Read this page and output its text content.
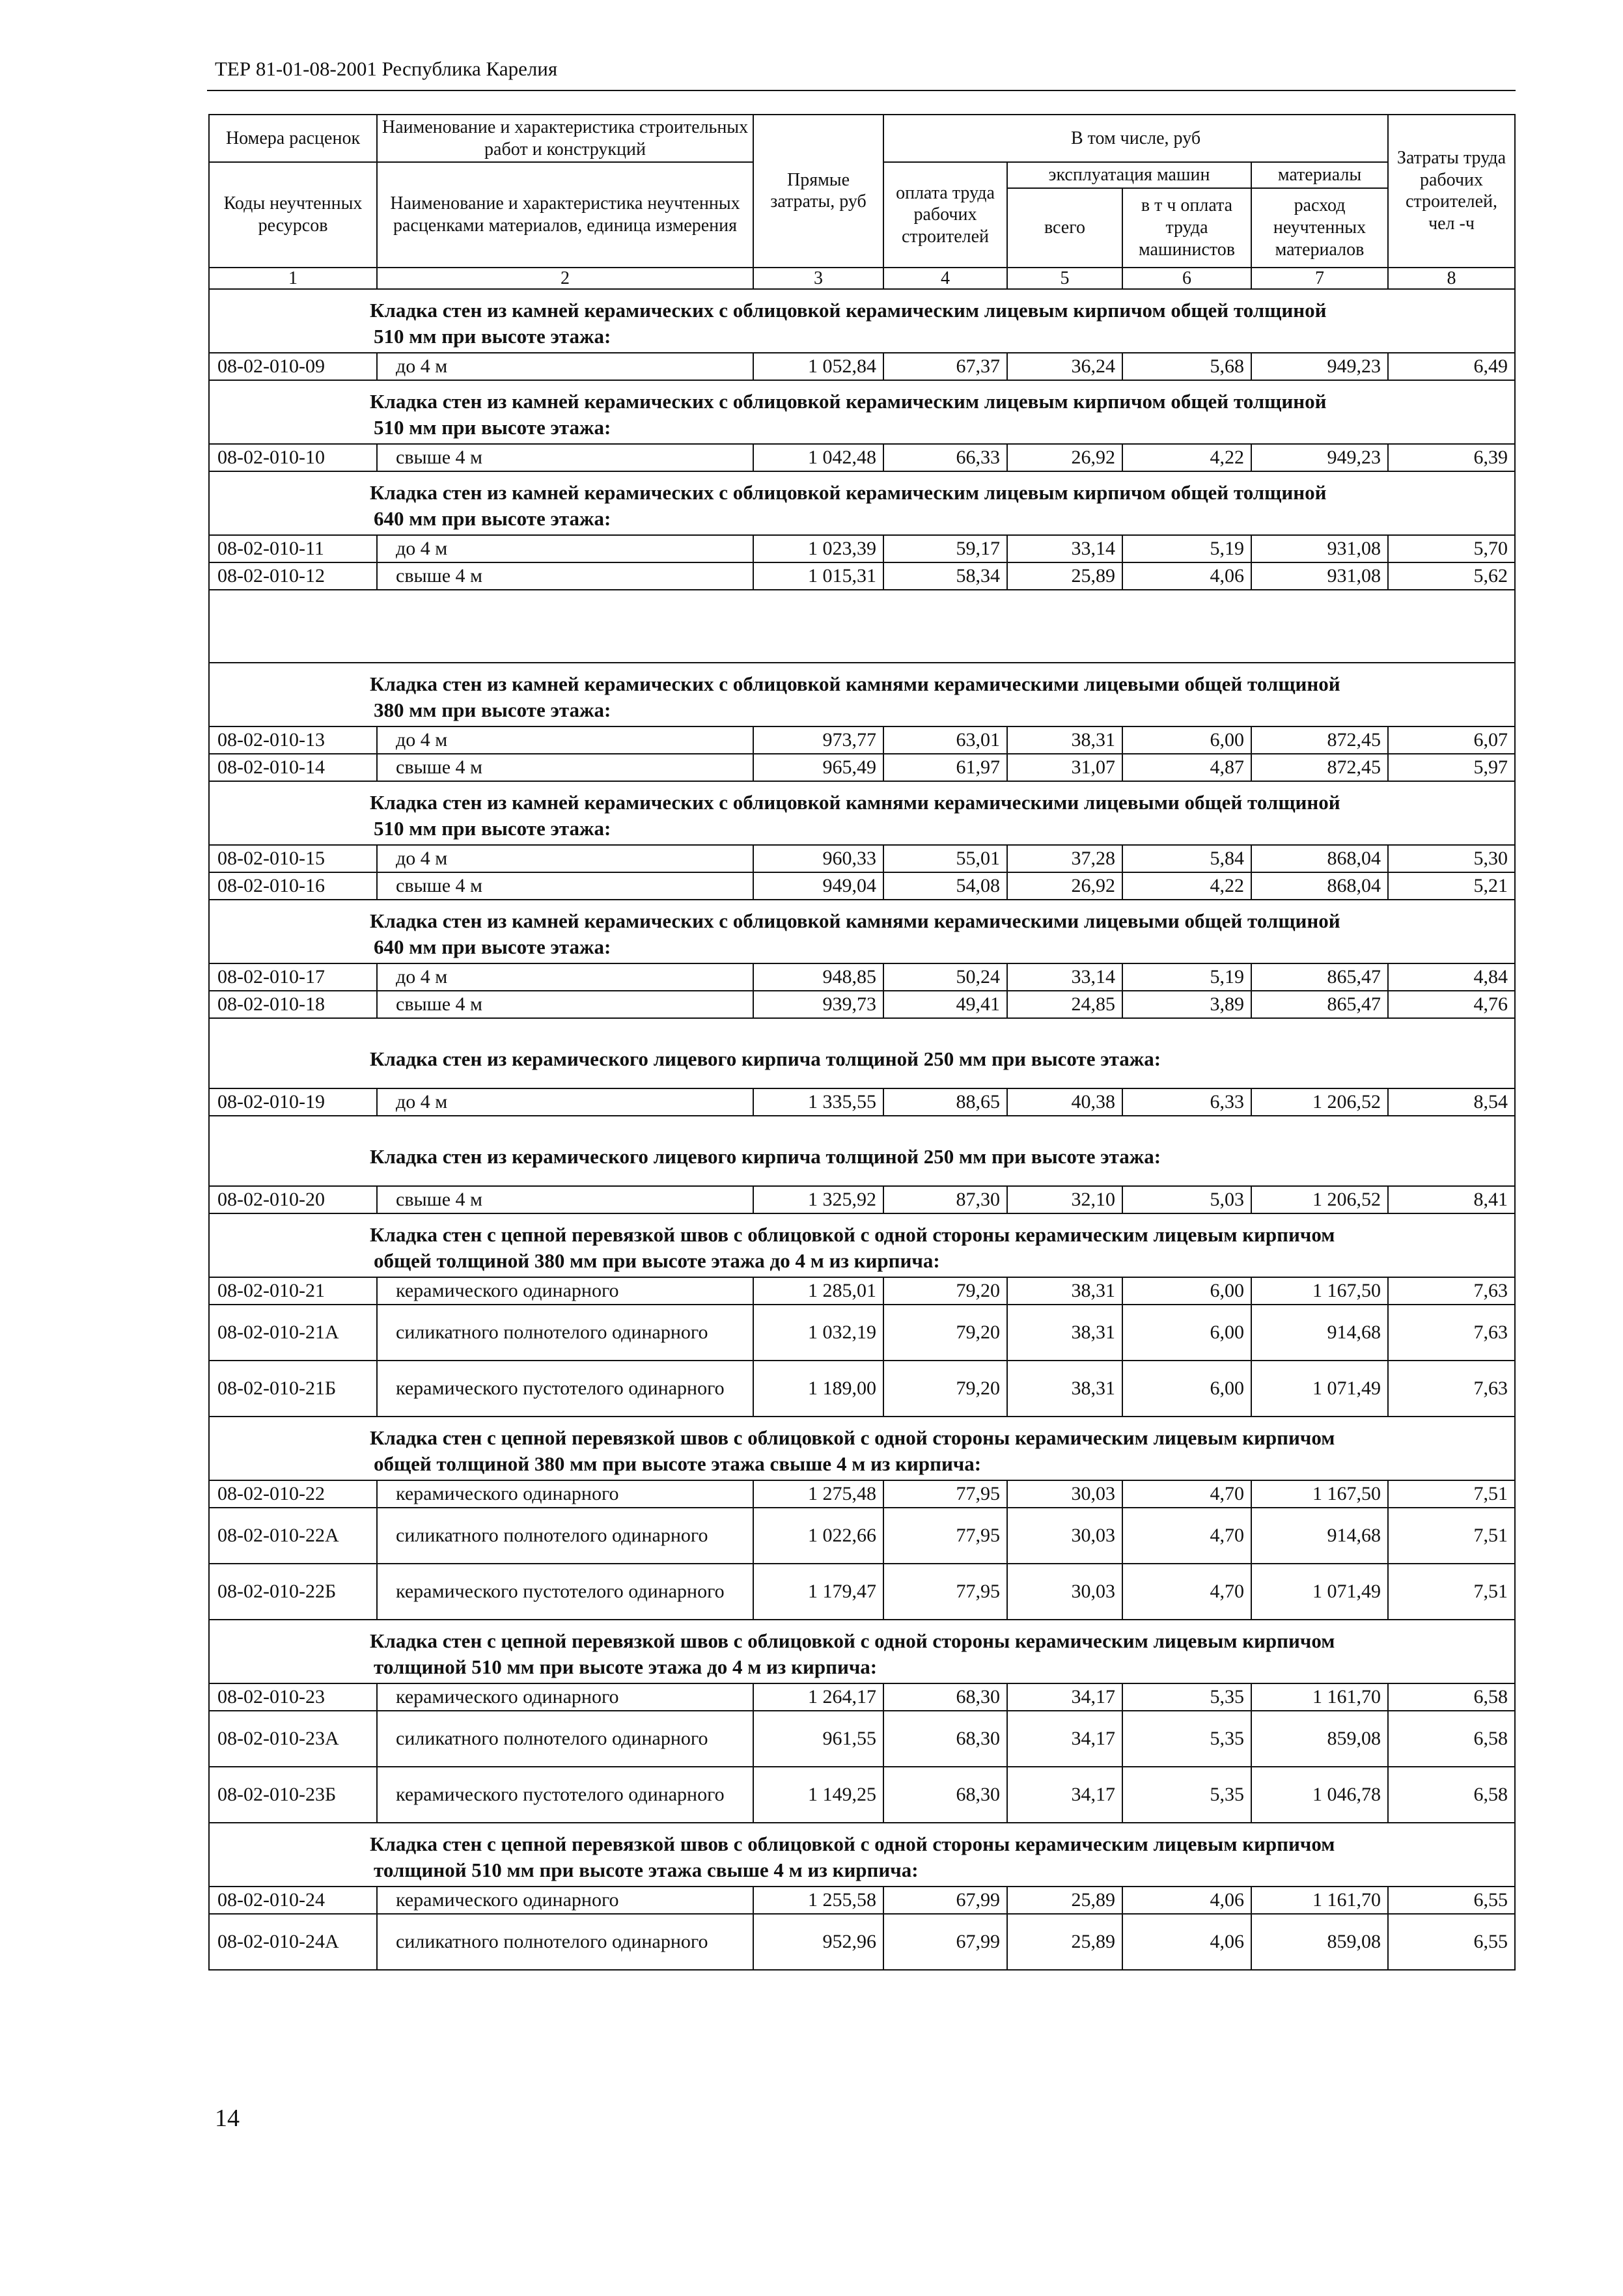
ТЕР 81-01-08-2001 Республика Карелия
Номера расценок	Наименование и характеристика строительных работ и конструкций	Прямые затраты, руб	В том числе, руб				Затраты труда рабочих строителей, чел -ч
Коды неучтенных ресурсов	Наименование и характеристика неучтенных расценками материалов, единица измерения		оплата труда рабочих строителей	эксплуатация машин		материалы	
				всего	в т ч оплата труда машинистов	расход неучтенных материалов	
1	2	3	4	5	6	7	8

Кладка стен из камней керамических с облицовкой керамическим лицевым кирпичом общей толщиной
510 мм при высоте этажа:							

08-02-010-09	до 4 м	1 052,84	67,37	36,24	5,68	949,23	6,49

Кладка стен из камней керамических с облицовкой керамическим лицевым кирпичом общей толщиной
510 мм при высоте этажа:							

08-02-010-10	свыше 4 м	1 042,48	66,33	26,92	4,22	949,23	6,39

Кладка стен из камней керамических с облицовкой керамическим лицевым кирпичом общей толщиной
640 мм при высоте этажа:							

08-02-010-11	до 4 м	1 023,39	59,17	33,14	5,19	931,08	5,70
08-02-010-12	свыше 4 м	1 015,31	58,34	25,89	4,06	931,08	5,62

Кладка стен из камней керамических с облицовкой камнями керамическими лицевыми общей толщиной
380 мм при высоте этажа:							

08-02-010-13	до 4 м	973,77	63,01	38,31	6,00	872,45	6,07
08-02-010-14	свыше 4 м	965,49	61,97	31,07	4,87	872,45	5,97

Кладка стен из камней керамических с облицовкой камнями керамическими лицевыми общей толщиной
510 мм при высоте этажа:							

08-02-010-15	до 4 м	960,33	55,01	37,28	5,84	868,04	5,30
08-02-010-16	свыше 4 м	949,04	54,08	26,92	4,22	868,04	5,21

Кладка стен из камней керамических с облицовкой камнями керамическими лицевыми общей толщиной
640 мм при высоте этажа:							

08-02-010-17	до 4 м	948,85	50,24	33,14	5,19	865,47	4,84
08-02-010-18	свыше 4 м	939,73	49,41	24,85	3,89	865,47	4,76

Кладка стен из керамического лицевого кирпича толщиной 250 мм при высоте этажа:							

08-02-010-19	до 4 м	1 335,55	88,65	40,38	6,33	1 206,52	8,54

Кладка стен из керамического лицевого кирпича толщиной 250 мм при высоте этажа:							

08-02-010-20	свыше 4 м	1 325,92	87,30	32,10	5,03	1 206,52	8,41

Кладка стен с цепной перевязкой швов с облицовкой с одной стороны керамическим лицевым кирпичом
общей толщиной 380 мм при высоте этажа до 4 м из кирпича:							

08-02-010-21	керамического одинарного	1 285,01	79,20	38,31	6,00	1 167,50	7,63
08-02-010-21А	силикатного полнотелого одинарного	1 032,19	79,20	38,31	6,00	914,68	7,63
08-02-010-21Б	керамического пустотелого одинарного	1 189,00	79,20	38,31	6,00	1 071,49	7,63

Кладка стен с цепной перевязкой швов с облицовкой с одной стороны керамическим лицевым кирпичом
общей толщиной 380 мм при высоте этажа свыше 4 м из кирпича:							

08-02-010-22	керамического одинарного	1 275,48	77,95	30,03	4,70	1 167,50	7,51
08-02-010-22А	силикатного полнотелого одинарного	1 022,66	77,95	30,03	4,70	914,68	7,51
08-02-010-22Б	керамического пустотелого одинарного	1 179,47	77,95	30,03	4,70	1 071,49	7,51

Кладка стен с цепной перевязкой швов с облицовкой с одной стороны керамическим лицевым кирпичом
толщиной 510 мм при высоте этажа до 4 м из кирпича:							

08-02-010-23	керамического одинарного	1 264,17	68,30	34,17	5,35	1 161,70	6,58
08-02-010-23А	силикатного полнотелого одинарного	961,55	68,30	34,17	5,35	859,08	6,58
08-02-010-23Б	керамического пустотелого одинарного	1 149,25	68,30	34,17	5,35	1 046,78	6,58

Кладка стен с цепной перевязкой швов с облицовкой с одной стороны керамическим лицевым кирпичом
толщиной 510 мм при высоте этажа свыше 4 м из кирпича:							

08-02-010-24	керамического одинарного	1 255,58	67,99	25,89	4,06	1 161,70	6,55
08-02-010-24А	силикатного полнотелого одинарного	952,96	67,99	25,89	4,06	859,08	6,55
14
